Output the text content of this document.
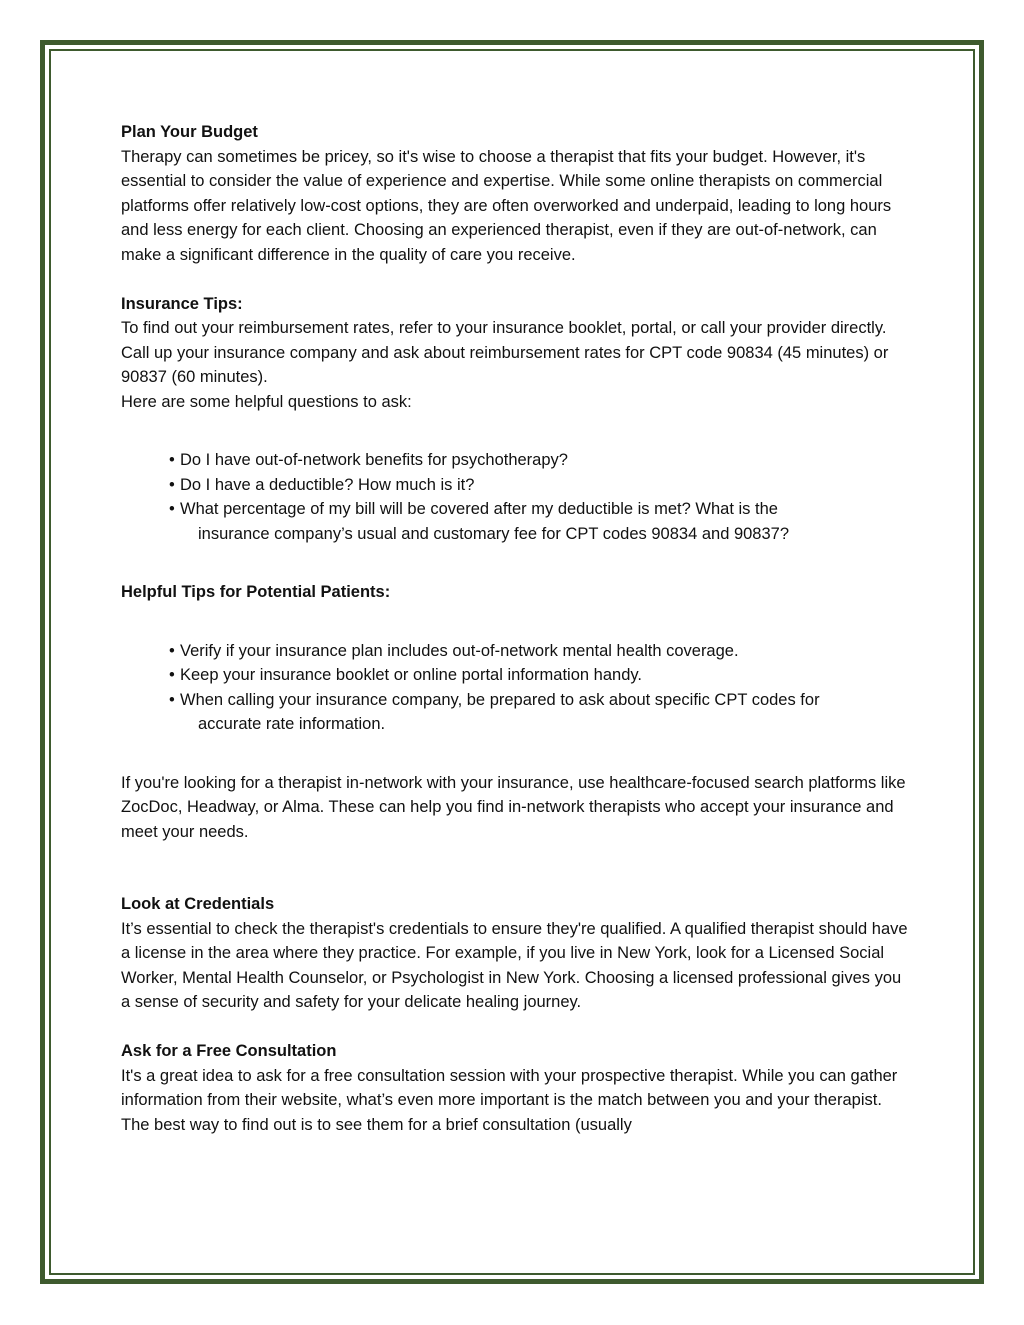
Plan Your Budget

Therapy can sometimes be pricey, so it's wise to choose a therapist that fits your budget. However, it's essential to consider the value of experience and expertise. While some online therapists on commercial platforms offer relatively low-cost options, they are often overworked and underpaid, leading to long hours and less energy for each client. Choosing an experienced therapist, even if they are out-of-network, can make a significant difference in the quality of care you receive.

Insurance Tips:

To find out your reimbursement rates, refer to your insurance booklet, portal, or call your provider directly. Call up your insurance company and ask about reimbursement rates for CPT code 90834 (45 minutes) or 90837 (60 minutes).

Here are some helpful questions to ask:

• Do I have out-of-network benefits for psychotherapy?
• Do I have a deductible? How much is it?
• What percentage of my bill will be covered after my deductible is met? What is the
insurance company’s usual and customary fee for CPT codes 90834 and 90837?

Helpful Tips for Potential Patients:

• Verify if your insurance plan includes out-of-network mental health coverage.
• Keep your insurance booklet or online portal information handy.
• When calling your insurance company, be prepared to ask about specific CPT codes for
accurate rate information.

If you're looking for a therapist in-network with your insurance, use healthcare-focused search platforms like ZocDoc, Headway, or Alma. These can help you find in-network therapists who accept your insurance and meet your needs.

Look at Credentials

It’s essential to check the therapist's credentials to ensure they're qualified. A qualified therapist should have a license in the area where they practice. For example, if you live in New York, look for a Licensed Social Worker, Mental Health Counselor, or Psychologist in New York. Choosing a licensed professional gives you a sense of security and safety for your delicate healing journey.

Ask for a Free Consultation

It's a great idea to ask for a free consultation session with your prospective therapist. While you can gather information from their website, what’s even more important is the match between you and your therapist. The best way to find out is to see them for a brief consultation (usually
